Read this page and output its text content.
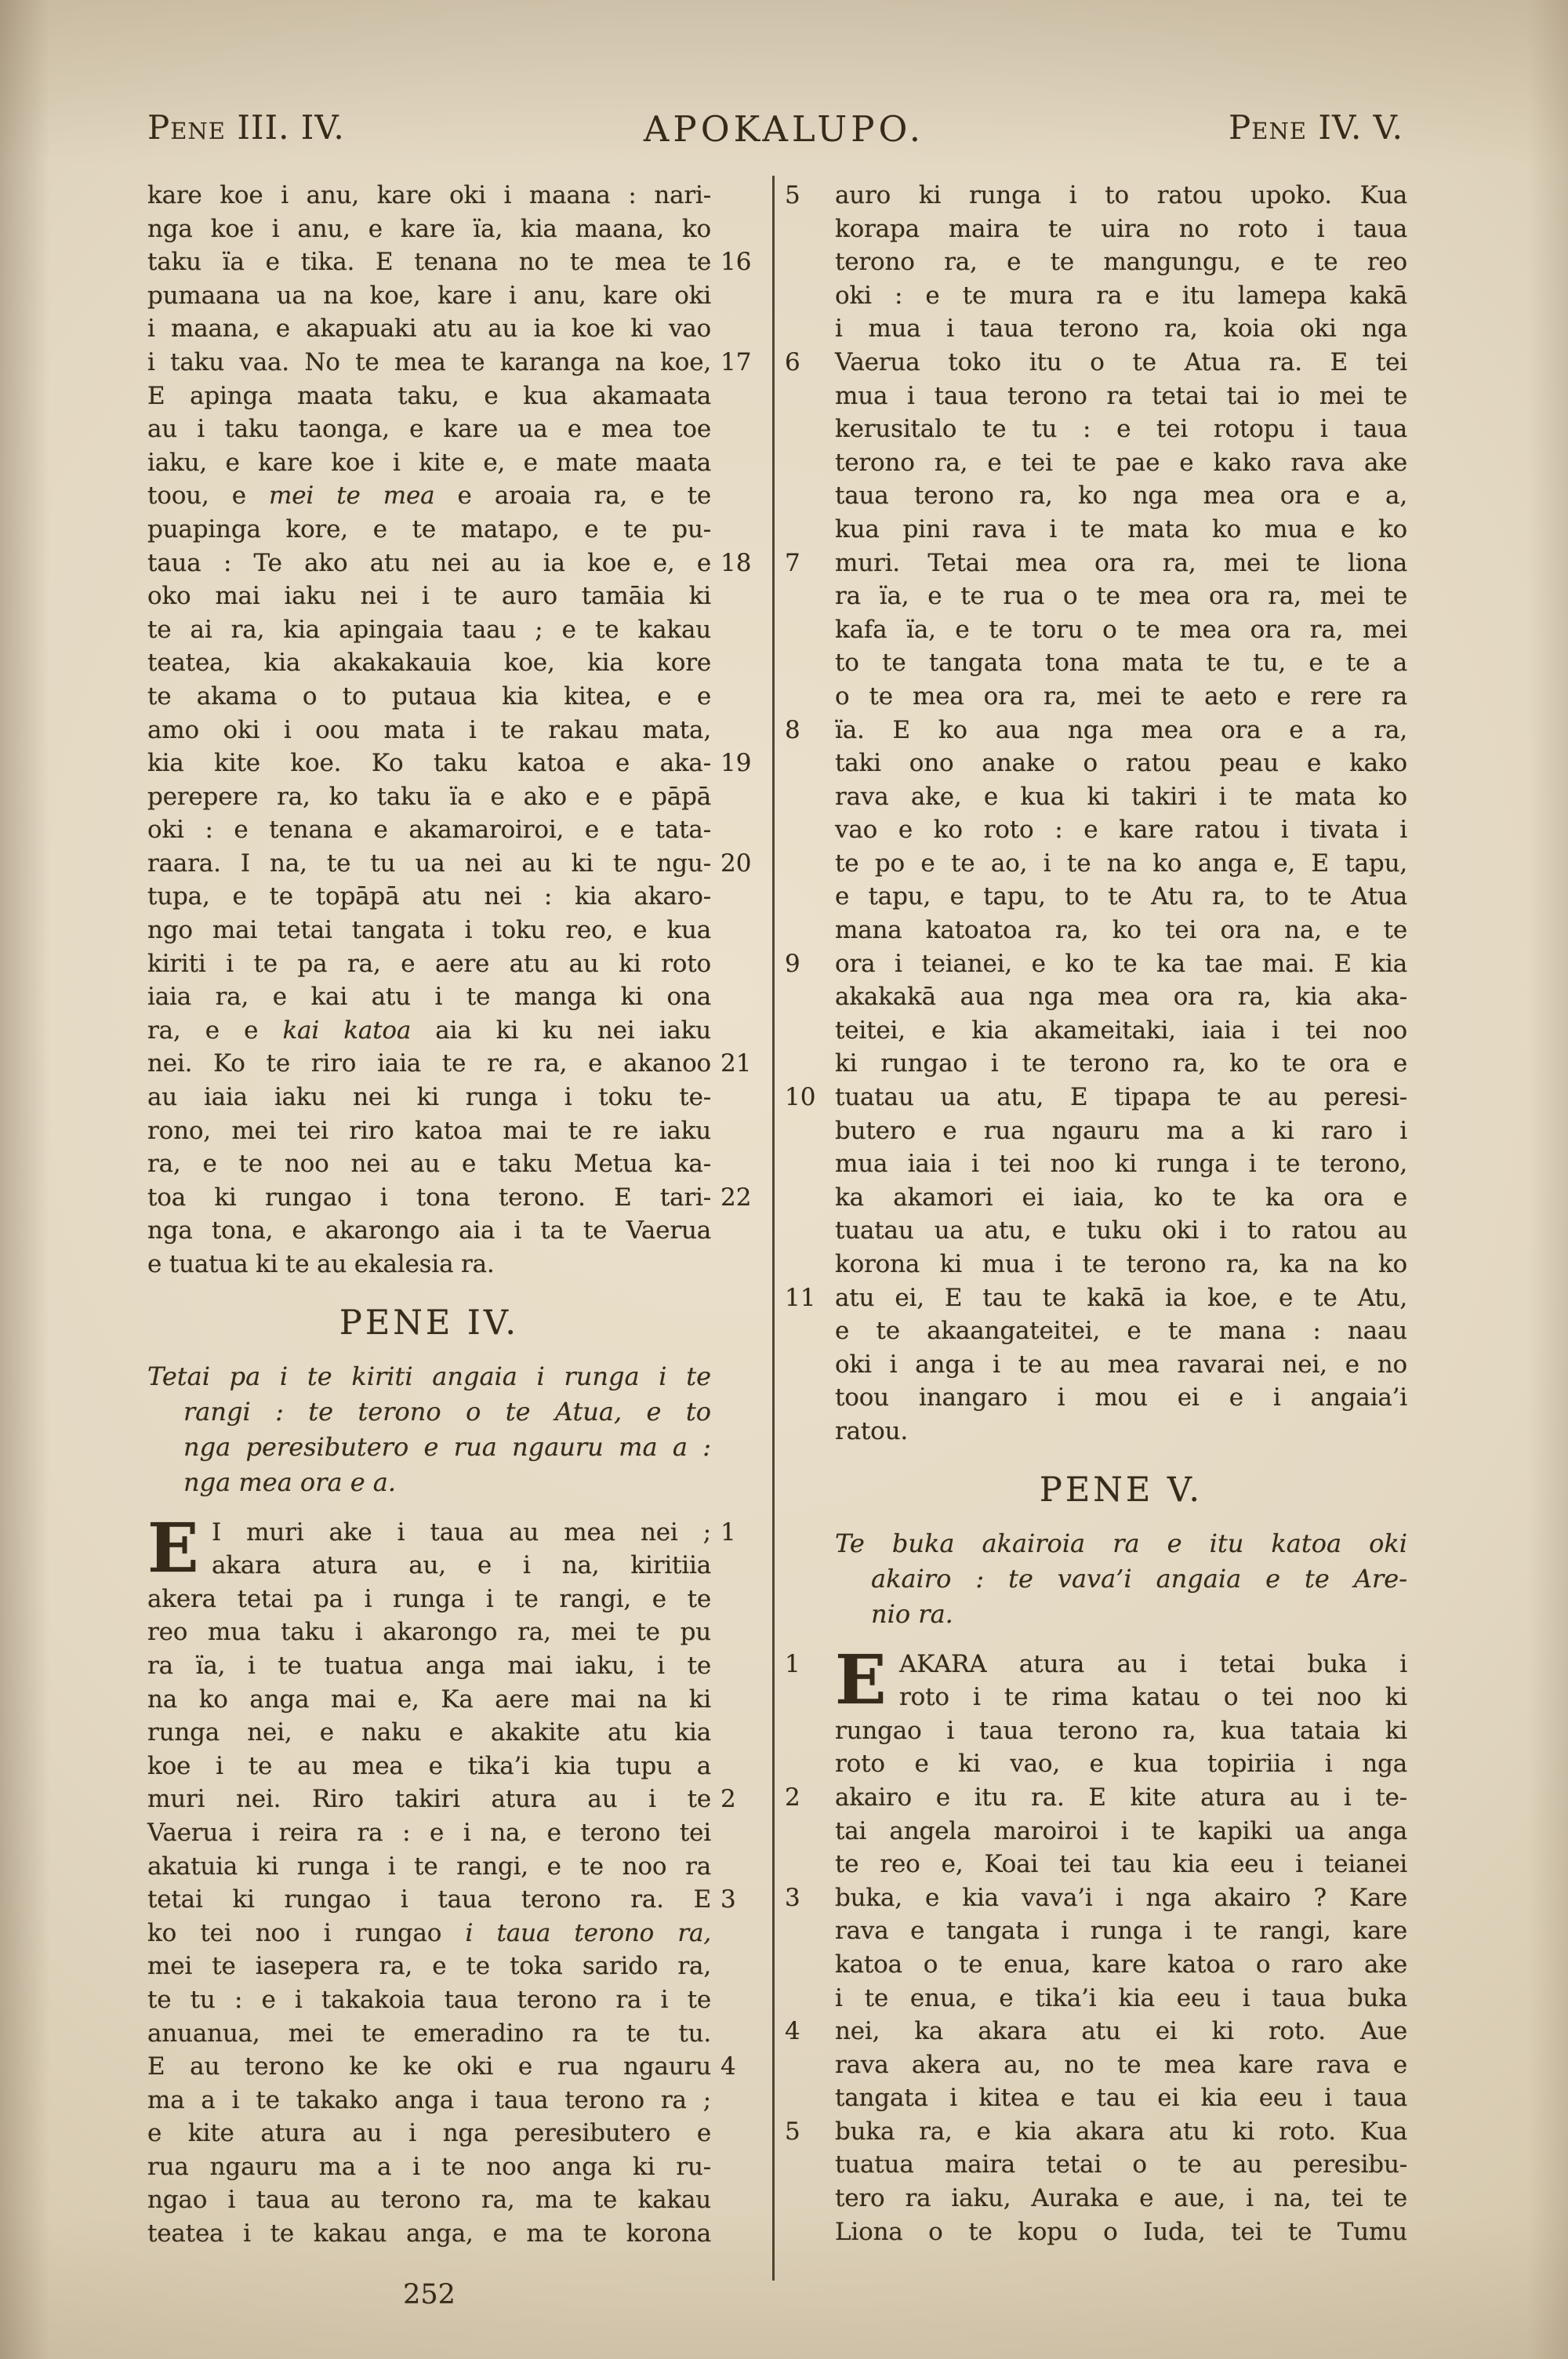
Pene III. IV.	APOKALUPO.	Pene IV. V.
kare koe i anu, kare oki i maana : nari-
nga koe i anu, e kare ïa, kia maana, ko
taku ïa e tika. E tenana no te mea te 16
pumaana ua na koe, kare i anu, kare oki
i maana, e akapuaki atu au ia koe ki vao
i taku vaa. No te mea te karanga na koe, 17
E apinga maata taku, e kua akamaata
au i taku taonga, e kare ua e mea toe
iaku, e kare koe i kite e, e mate maata
toou, e mei te mea e aroaia ra, e te
puapinga kore, e te matapo, e te pu-
taua : Te ako atu nei au ia koe e, e 18
oko mai iaku nei i te auro tamāia ki
te ai ra, kia apingaia taau ; e te kakau
teatea, kia akakakauia koe, kia kore
te akama o to putaua kia kitea, e e
amo oki i oou mata i te rakau mata,
kia kite koe. Ko taku katoa e aka- 19
perepere ra, ko taku ïa e ako e e pāpā
oki : e tenana e akamaroiroi, e e tata-
raara. I na, te tu ua nei au ki te ngu- 20
tupa, e te topāpā atu nei : kia akaro-
ngo mai tetai tangata i toku reo, e kua
kiriti i te pa ra, e aere atu au ki roto
iaia ra, e kai atu i te manga ki ona
ra, e e kai katoa aia ki ku nei iaku
nei. Ko te riro iaia te re ra, e akanoo 21
au iaia iaku nei ki runga i toku te-
rono, mei tei riro katoa mai te re iaku
ra, e te noo nei au e taku Metua ka-
toa ki rungao i tona terono. E tari- 22
nga tona, e akarongo aia i ta te Vaerua
e tuatua ki te au ekalesia ra.
PENE IV.
Tetai pa i te kiriti angaia i runga i te
rangi : te terono o te Atua, e to
nga peresibutero e rua ngauru ma a :
nga mea ora e a.
E I muri ake i taua au mea nei ; 1
akara atura au, e i na, kiritiia
akera tetai pa i runga i te rangi, e te
reo mua taku i akarongo ra, mei te pu
ra ïa, i te tuatua anga mai iaku, i te
na ko anga mai e, Ka aere mai na ki
runga nei, e naku e akakite atu kia
koe i te au mea e tika’i kia tupu a
muri nei. Riro takiri atura au i te 2
Vaerua i reira ra : e i na, e terono tei
akatuia ki runga i te rangi, e te noo ra
tetai ki rungao i taua terono ra. E 3
ko tei noo i rungao i taua terono ra,
mei te iasepera ra, e te toka sarido ra,
te tu : e i takakoia taua terono ra i te
anuanua, mei te emeradino ra te tu.
E au terono ke ke oki e rua ngauru 4
ma a i te takako anga i taua terono ra ;
e kite atura au i nga peresibutero e
rua ngauru ma a i te noo anga ki ru-
ngao i taua au terono ra, ma te kakau
teatea i te kakau anga, e ma te korona
auro ki runga i to ratou upoko. Kua
5
korapa maira te uira no roto i taua
terono ra, e te mangungu, e te reo
oki : e te mura ra e itu lamepa kakā
i mua i taua terono ra, koia oki nga
Vaerua toko itu o te Atua ra. E tei
6
mua i taua terono ra tetai tai io mei te
kerusitalo te tu : e tei rotopu i taua
terono ra, e tei te pae e kako rava ake
taua terono ra, ko nga mea ora e a,
kua pini rava i te mata ko mua e ko
muri. Tetai mea ora ra, mei te liona
7
ra ïa, e te rua o te mea ora ra, mei te
kafa ïa, e te toru o te mea ora ra, mei
to te tangata tona mata te tu, e te a
o te mea ora ra, mei te aeto e rere ra
ïa. E ko aua nga mea ora e a ra,
8
taki ono anake o ratou peau e kako
rava ake, e kua ki takiri i te mata ko
vao e ko roto : e kare ratou i tivata i
te po e te ao, i te na ko anga e, E tapu,
e tapu, e tapu, to te Atu ra, to te Atua
mana katoatoa ra, ko tei ora na, e te
ora i teianei, e ko te ka tae mai. E kia
9
akakakā aua nga mea ora ra, kia aka-
teitei, e kia akameitaki, iaia i tei noo
ki rungao i te terono ra, ko te ora e
tuatau ua atu, E tipapa te au peresi-
10
butero e rua ngauru ma a ki raro i
mua iaia i tei noo ki runga i te terono,
ka akamori ei iaia, ko te ka ora e
tuatau ua atu, e tuku oki i to ratou au
korona ki mua i te terono ra, ka na ko
atu ei, E tau te kakā ia koe, e te Atu,
11
e te akaangateitei, e te mana : naau
oki i anga i te au mea ravarai nei, e no
toou inangaro i mou ei e i angaia’i
ratou.
PENE V.
Te buka akairoia ra e itu katoa oki
akairo : te vava’i angaia e te Are-
nio ra.
E AKARA atura au i tetai buka i
1
roto i te rima katau o tei noo ki
rungao i taua terono ra, kua tataia ki
roto e ki vao, e kua topiriia i nga
akairo e itu ra. E kite atura au i te-
2
tai angela maroiroi i te kapiki ua anga
te reo e, Koai tei tau kia eeu i teianei
buka, e kia vava’i i nga akairo ? Kare
3
rava e tangata i runga i te rangi, kare
katoa o te enua, kare katoa o raro ake
i te enua, e tika’i kia eeu i taua buka
nei, ka akara atu ei ki roto. Aue
4
rava akera au, no te mea kare rava e
tangata i kitea e tau ei kia eeu i taua
buka ra, e kia akara atu ki roto. Kua
5
tuatua maira tetai o te au peresibu-
tero ra iaku, Auraka e aue, i na, tei te
Liona o te kopu o Iuda, tei te Tumu
252
